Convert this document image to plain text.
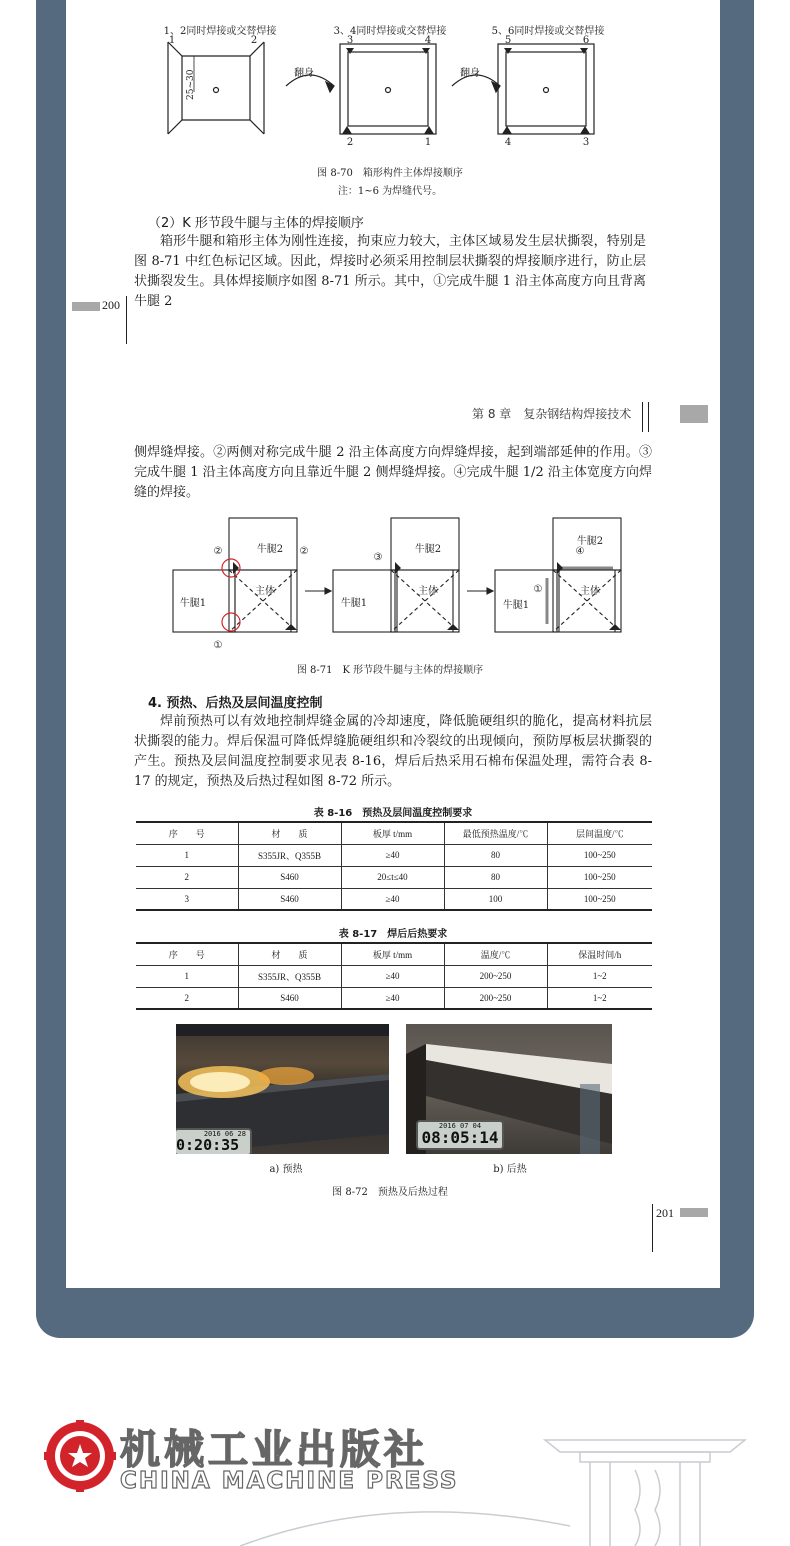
1、2同时焊接或交替焊接	3、4同时焊接或交替焊接	5、6同时焊接或交替焊接
1	2	3	4	5	6
2	1	4	3
25~30	翻身	翻身
图 8-70　箱形构件主体焊接顺序
注：1~6 为焊缝代号。
（2）K 形节段牛腿与主体的焊接顺序
箱形牛腿和箱形主体为刚性连接，拘束应力较大，主体区域易发生层状撕裂，特别是图 8-71 中红色标记区域。因此，焊接时必须采用控制层状撕裂的焊接顺序进行，防止层状撕裂发生。具体焊接顺序如图 8-71 所示。其中，①完成牛腿 1 沿主体高度方向且背离牛腿 2
200
第 8 章　复杂钢结构焊接技术
侧焊缝焊接。②两侧对称完成牛腿 2 沿主体高度方向焊缝焊接，起到端部延伸的作用。③完成牛腿 1 沿主体高度方向且靠近牛腿 2 侧焊缝焊接。④完成牛腿 1/2 沿主体宽度方向焊缝的焊接。
牛腿2
牛腿1
主体
②	②
①
牛腿2
牛腿1
主体
③
牛腿2
牛腿1
主体
④
①
图 8-71　K 形节段牛腿与主体的焊接顺序
4. 预热、后热及层间温度控制
焊前预热可以有效地控制焊缝金属的冷却速度，降低脆硬组织的脆化，提高材料抗层状撕裂的能力。焊后保温可降低焊缝脆硬组织和冷裂纹的出现倾向，预防厚板层状撕裂的产生。预热及层间温度控制要求见表 8-16，焊后后热采用石棉布保温处理，需符合表 8-17 的规定，预热及后热过程如图 8-72 所示。
表 8-16　预热及层间温度控制要求
序　　号	材　　质	板厚 t/mm	最低预热温度/℃	层间温度/℃
1	S355JR、Q355B	≥40	80	100~250
2	S460	20≤t≤40	80	100~250
3	S460	≥40	100	100~250
表 8-17　焊后后热要求
序　　号	材　　质	板厚 t/mm	温度/℃	保温时间/h
1	S355JR、Q355B	≥40	200~250	1~2
2	S460	≥40	200~250	1~2
2016 06 28
0:20:35
2016 07 04
08:05:14
a) 预热	b) 后热
图 8-72　预热及后热过程
201
机械工业出版社
CHINA MACHINE PRESS
